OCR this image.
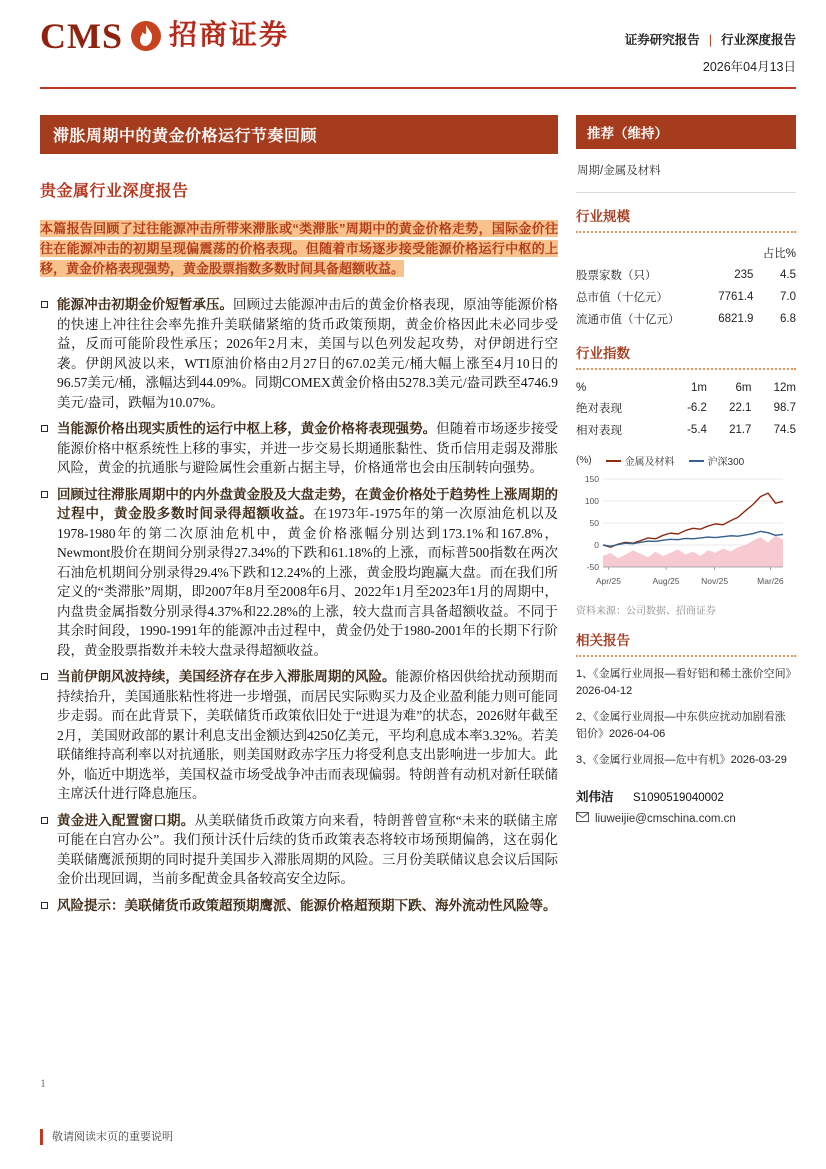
CMS 招商证券	证券研究报告 | 行业深度报告
2026年04月13日
滞胀周期中的黄金价格运行节奏回顾
贵金属行业深度报告

本篇报告回顾了过往能源冲击所带来滞胀或“类滞胀”周期中的黄金价格走势，国际金价往往在能源冲击的初期呈现偏震荡的价格表现。但随着市场逐步接受能源价格运行中枢的上移，黄金价格表现强势，黄金股票指数多数时间具备超额收益。

能源冲击初期金价短暂承压。回顾过去能源冲击后的黄金价格表现，原油等能源价格的快速上冲往往会率先推升美联储紧缩的货币政策预期，黄金价格因此未必同步受益，反而可能阶段性承压；2026年2月末，美国与以色列发起攻势，对伊朗进行空袭。伊朗风波以来，WTI原油价格由2月27日的67.02美元/桶大幅上涨至4月10日的96.57美元/桶，涨幅达到44.09%。同期COMEX黄金价格由5278.3美元/盎司跌至4746.9美元/盎司，跌幅为10.07%。
当能源价格出现实质性的运行中枢上移，黄金价格将表现强势。但随着市场逐步接受能源价格中枢系统性上移的事实，并进一步交易长期通胀黏性、货币信用走弱及滞胀风险，黄金的抗通胀与避险属性会重新占据主导，价格通常也会由压制转向强势。
回顾过往滞胀周期中的内外盘黄金股及大盘走势，在黄金价格处于趋势性上涨周期的过程中，黄金股多数时间录得超额收益。在1973年-1975年的第一次原油危机以及1978-1980年的第二次原油危机中，黄金价格涨幅分别达到173.1%和167.8%，Newmont股价在期间分别录得27.34%的下跌和61.18%的上涨，而标普500指数在两次石油危机期间分别录得29.4%下跌和12.24%的上涨，黄金股均跑赢大盘。而在我们所定义的“类滞胀”周期，即2007年8月至2008年6月、2022年1月至2023年1月的周期中，内盘贵金属指数分别录得4.37%和22.28%的上涨，较大盘而言具备超额收益。不同于其余时间段，1990-1991年的能源冲击过程中，黄金仍处于1980-2001年的长期下行阶段，黄金股票指数并未较大盘录得超额收益。
当前伊朗风波持续，美国经济存在步入滞胀周期的风险。能源价格因供给扰动预期而持续抬升，美国通胀粘性将进一步增强，而居民实际购买力及企业盈利能力则可能同步走弱。而在此背景下，美联储货币政策依旧处于“进退为难”的状态，2026财年截至2月，美国财政部的累计利息支出金额达到4250亿美元，平均利息成本率3.32%。若美联储维持高利率以对抗通胀，则美国财政赤字压力将受利息支出影响进一步加大。此外，临近中期选举，美国权益市场受战争冲击而表现偏弱。特朗普有动机对新任联储主席沃什进行降息施压。
黄金进入配置窗口期。从美联储货币政策方向来看，特朗普曾宣称“未来的联储主席可能在白宫办公”。我们预计沃什后续的货币政策表态将较市场预期偏鸽，这在弱化美联储鹰派预期的同时提升美国步入滞胀周期的风险。三月份美联储议息会议后国际金价出现回调，当前多配黄金具备较高安全边际。
风险提示：美联储货币政策超预期鹰派、能源价格超预期下跌、海外流动性风险等。
推荐（维持）
周期/金属及材料
行业规模
		占比%
股票家数（只）	235	4.5
总市值（十亿元）	7761.4	7.0
流通市值（十亿元）	6821.9	6.8
行业指数
%	1m	6m	12m
绝对表现	-6.2	22.1	98.7
相对表现	-5.4	21.7	74.5
(%)	金属及材料	沪深300
-50
0
50
100
150
Apr/25	Aug/25	Nov/25	Mar/26
资料来源：公司数据、招商证券
相关报告
1、《金属行业周报—看好铝和稀土涨价空间》2026-04-12
2、《金属行业周报—中东供应扰动加剧看涨铝价》2026-04-06
3、《金属行业周报—危中有机》2026-03-29
刘伟洁 S1090519040002
liuweijie@cmschina.com.cn
1
敬请阅读末页的重要说明
